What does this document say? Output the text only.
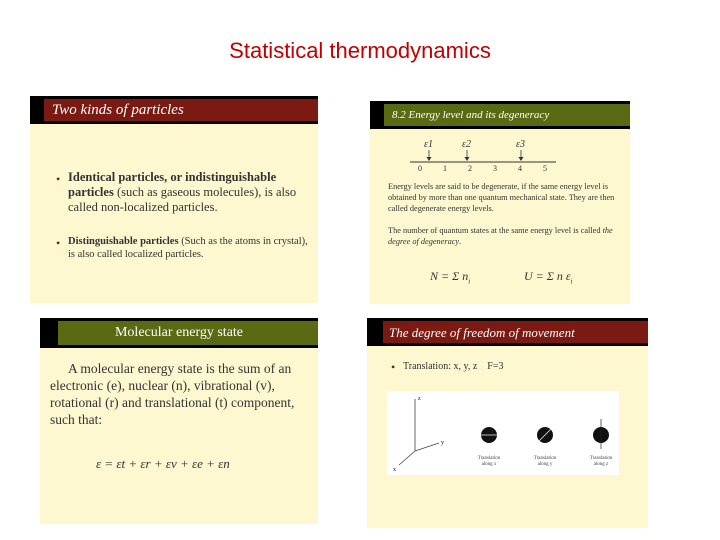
Statistical thermodynamics
Two kinds of particles
• Identical particles, or indistinguishable particles (such as gaseous molecules), is also called non-localized particles.
• Distinguishable particles (Such as the atoms in crystal), is also called localized particles.
8.2 Energy level and its degeneracy
ε1	ε2	ε3
0	1	2	3	4	5
Energy levels are said to be degenerate, if the same energy level is obtained by more than one quantum mechanical state. They are then called degenerate energy levels.
The number of quantum states at the same energy level is called the degree of degeneracy.
N = Σ $n_i$	U = Σ n $\varepsilon_i$
Molecular energy state
A molecular energy state is the sum of an electronic (e), nuclear (n), vibrational (v), rotational (r) and translational (t) component, such that:
ε = εt + εr + εv + εe + εn
The degree of freedom of movement
• Translation: x, y, z    F=3
z
y
x
Translation
along x
Translation
along y
Translation
along z
